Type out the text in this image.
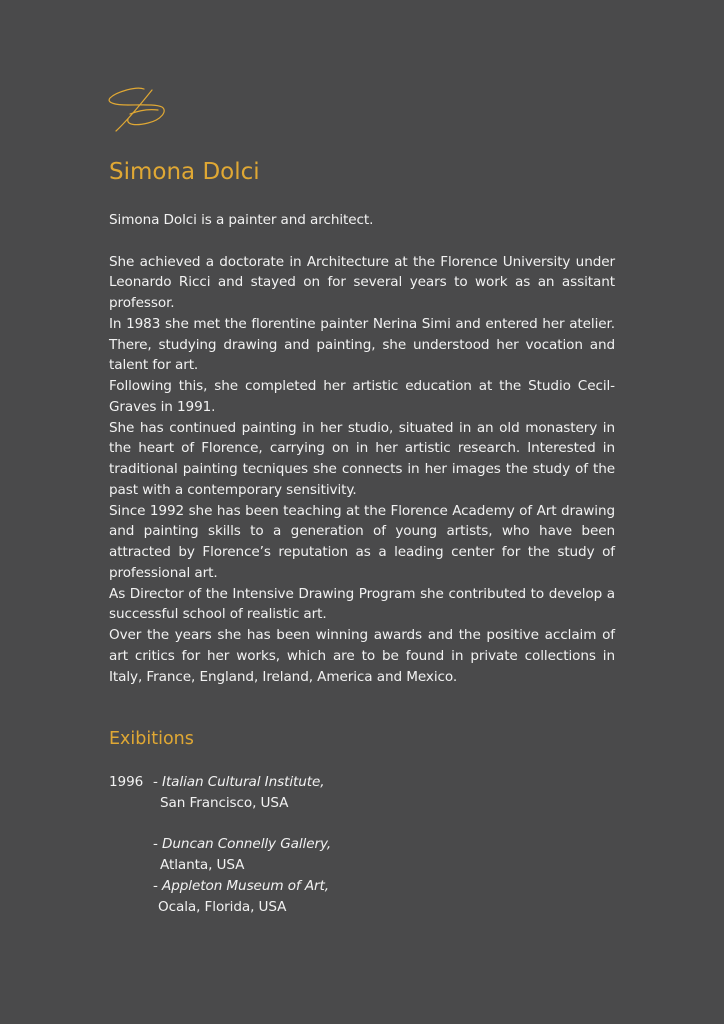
Simona Dolci

Simona Dolci is a painter and architect.

She achieved a doctorate in Architecture at the Florence University under Leonardo Ricci and stayed on for several years to work as an assitant professor.

In 1983 she met the florentine painter Nerina Simi and entered her atelier. There, studying drawing and painting, she understood her vocation and talent for art.

Following this, she completed her artistic education at the Studio Cecil-Graves in 1991.

She has continued painting in her studio, situated in an old monastery in the heart of Florence, carrying on in her artistic research. Interested in traditional painting tecniques she connects in her images the study of the past with a contemporary sensitivity.

Since 1992 she has been teaching at the Florence Academy of Art drawing and painting skills to a generation of young artists, who have been attracted by Florence’s reputation as a leading center for the study of professional art.

As Director of the Intensive Drawing Program she contributed to develop a successful school of realistic art.

Over the years she has been winning awards and the positive acclaim of art critics for her works, which are to be found in private collections in Italy, France, England, Ireland, America and Mexico.

Exibitions
1996 - Italian Cultural Institute,
San Francisco, USA
- Duncan Connelly Gallery,
Atlanta, USA
- Appleton Museum of Art,
Ocala, Florida, USA
